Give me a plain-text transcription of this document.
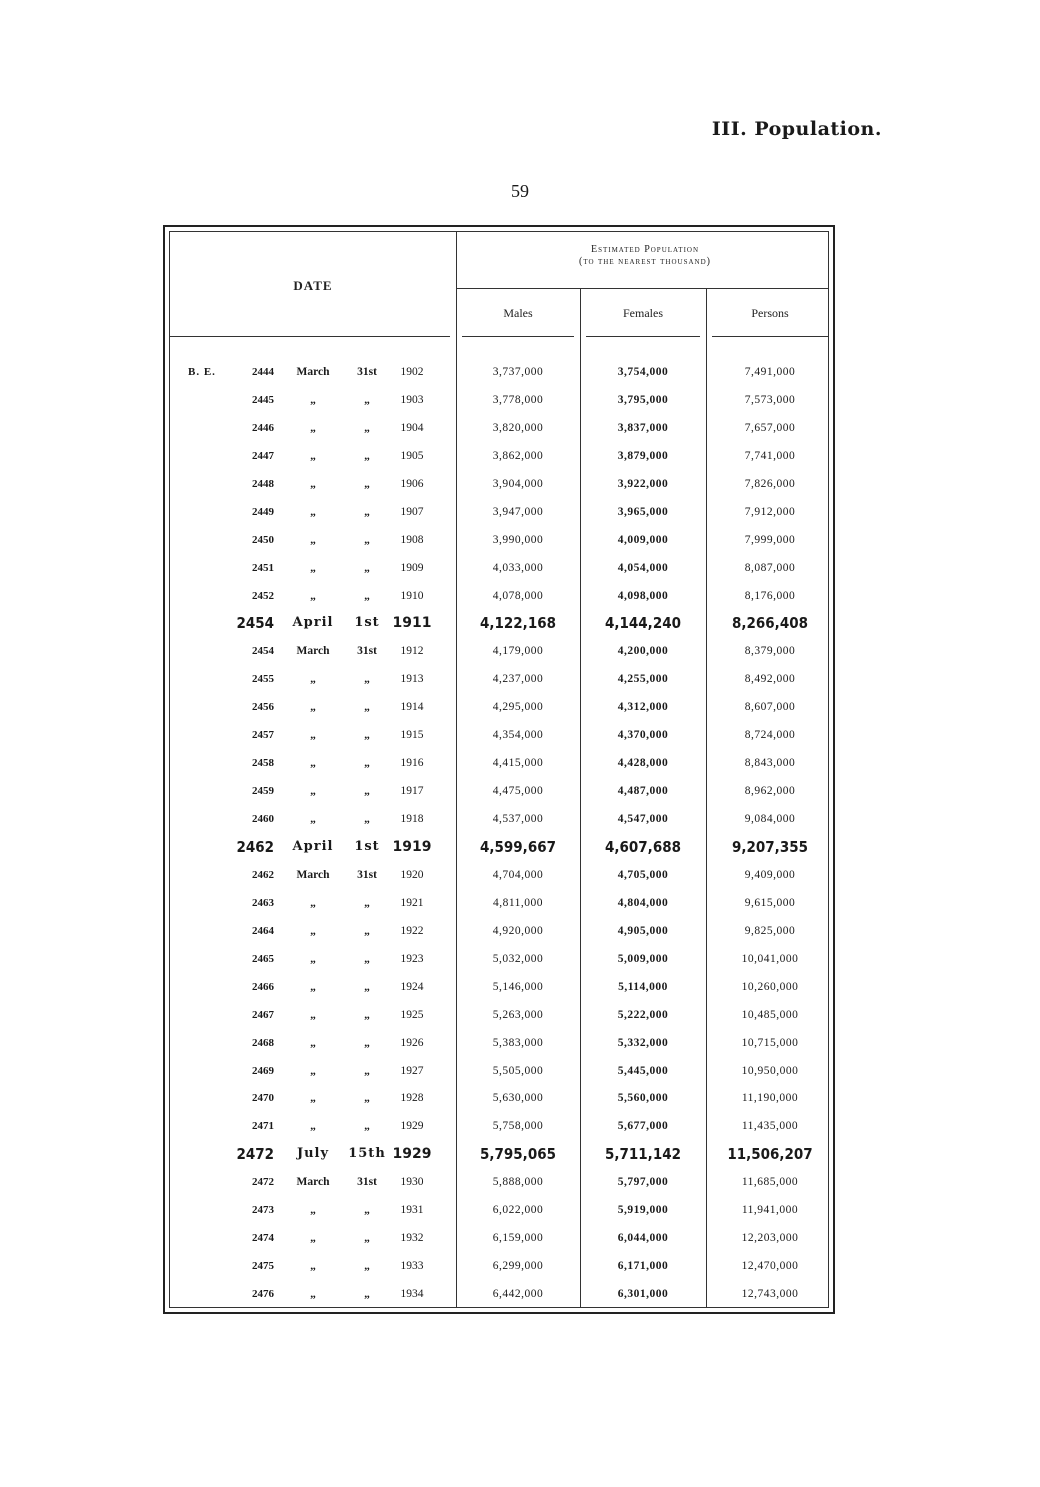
III. Population.
59
DATE
Estimated Population
(to the nearest thousand)
Males	Females	Persons
B. E.	2444	March	31st	1902	3,737,000	3,754,000	7,491,000
2445	„	„	1903	3,778,000	3,795,000	7,573,000
2446	„	„	1904	3,820,000	3,837,000	7,657,000
2447	„	„	1905	3,862,000	3,879,000	7,741,000
2448	„	„	1906	3,904,000	3,922,000	7,826,000
2449	„	„	1907	3,947,000	3,965,000	7,912,000
2450	„	„	1908	3,990,000	4,009,000	7,999,000
2451	„	„	1909	4,033,000	4,054,000	8,087,000
2452	„	„	1910	4,078,000	4,098,000	8,176,000
2454	April	1st 1911	4,122,168	4,144,240	8,266,408
2454	March	31st	1912	4,179,000	4,200,000	8,379,000
2455	„	„	1913	4,237,000	4,255,000	8,492,000
2456	„	„	1914	4,295,000	4,312,000	8,607,000
2457	„	„	1915	4,354,000	4,370,000	8,724,000
2458	„	„	1916	4,415,000	4,428,000	8,843,000
2459	„	„	1917	4,475,000	4,487,000	8,962,000
2460	„	„	1918	4,537,000	4,547,000	9,084,000
2462	April	1st 1919	4,599,667	4,607,688	9,207,355
2462	March	31st	1920	4,704,000	4,705,000	9,409,000
2463	„	„	1921	4,811,000	4,804,000	9,615,000
2464	„	„	1922	4,920,000	4,905,000	9,825,000
2465	„	„	1923	5,032,000	5,009,000	10,041,000
2466	„	„	1924	5,146,000	5,114,000	10,260,000
2467	„	„	1925	5,263,000	5,222,000	10,485,000
2468	„	„	1926	5,383,000	5,332,000	10,715,000
2469	„	„	1927	5,505,000	5,445,000	10,950,000
2470	„	„	1928	5,630,000	5,560,000	11,190,000
2471	„	„	1929	5,758,000	5,677,000	11,435,000
2472	July	15th 1929	5,795,065	5,711,142	11,506,207
2472	March	31st	1930	5,888,000	5,797,000	11,685,000
2473	„	„	1931	6,022,000	5,919,000	11,941,000
2474	„	„	1932	6,159,000	6,044,000	12,203,000
2475	„	„	1933	6,299,000	6,171,000	12,470,000
2476	„	„	1934	6,442,000	6,301,000	12,743,000
